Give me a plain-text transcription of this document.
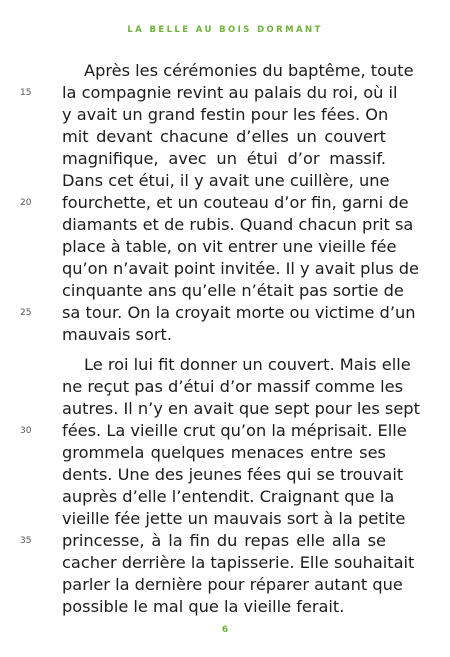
LA BELLE AU BOIS DORMANT
Après les cérémonies du baptême, toute
la compagnie revint au palais du roi, où il
y avait un grand festin pour les fées. On
mit devant chacune d’elles un couvert
magnifique, avec un étui d’or massif.
Dans cet étui, il y avait une cuillère, une
fourchette, et un couteau d’or fin, garni de
diamants et de rubis. Quand chacun prit sa
place à table, on vit entrer une vieille fée
qu’on n’avait point invitée. Il y avait plus de
cinquante ans qu’elle n’était pas sortie de
sa tour. On la croyait morte ou victime d’un
mauvais sort.
Le roi lui fit donner un couvert. Mais elle
ne reçut pas d’étui d’or massif comme les
autres. Il n’y en avait que sept pour les sept
fées. La vieille crut qu’on la méprisait. Elle
grommela quelques menaces entre ses
dents. Une des jeunes fées qui se trouvait
auprès d’elle l’entendit. Craignant que la
vieille fée jette un mauvais sort à la petite
princesse, à la fin du repas elle alla se
cacher derrière la tapisserie. Elle souhaitait
parler la dernière pour réparer autant que
possible le mal que la vieille ferait.
15
20
25
30
35
6
